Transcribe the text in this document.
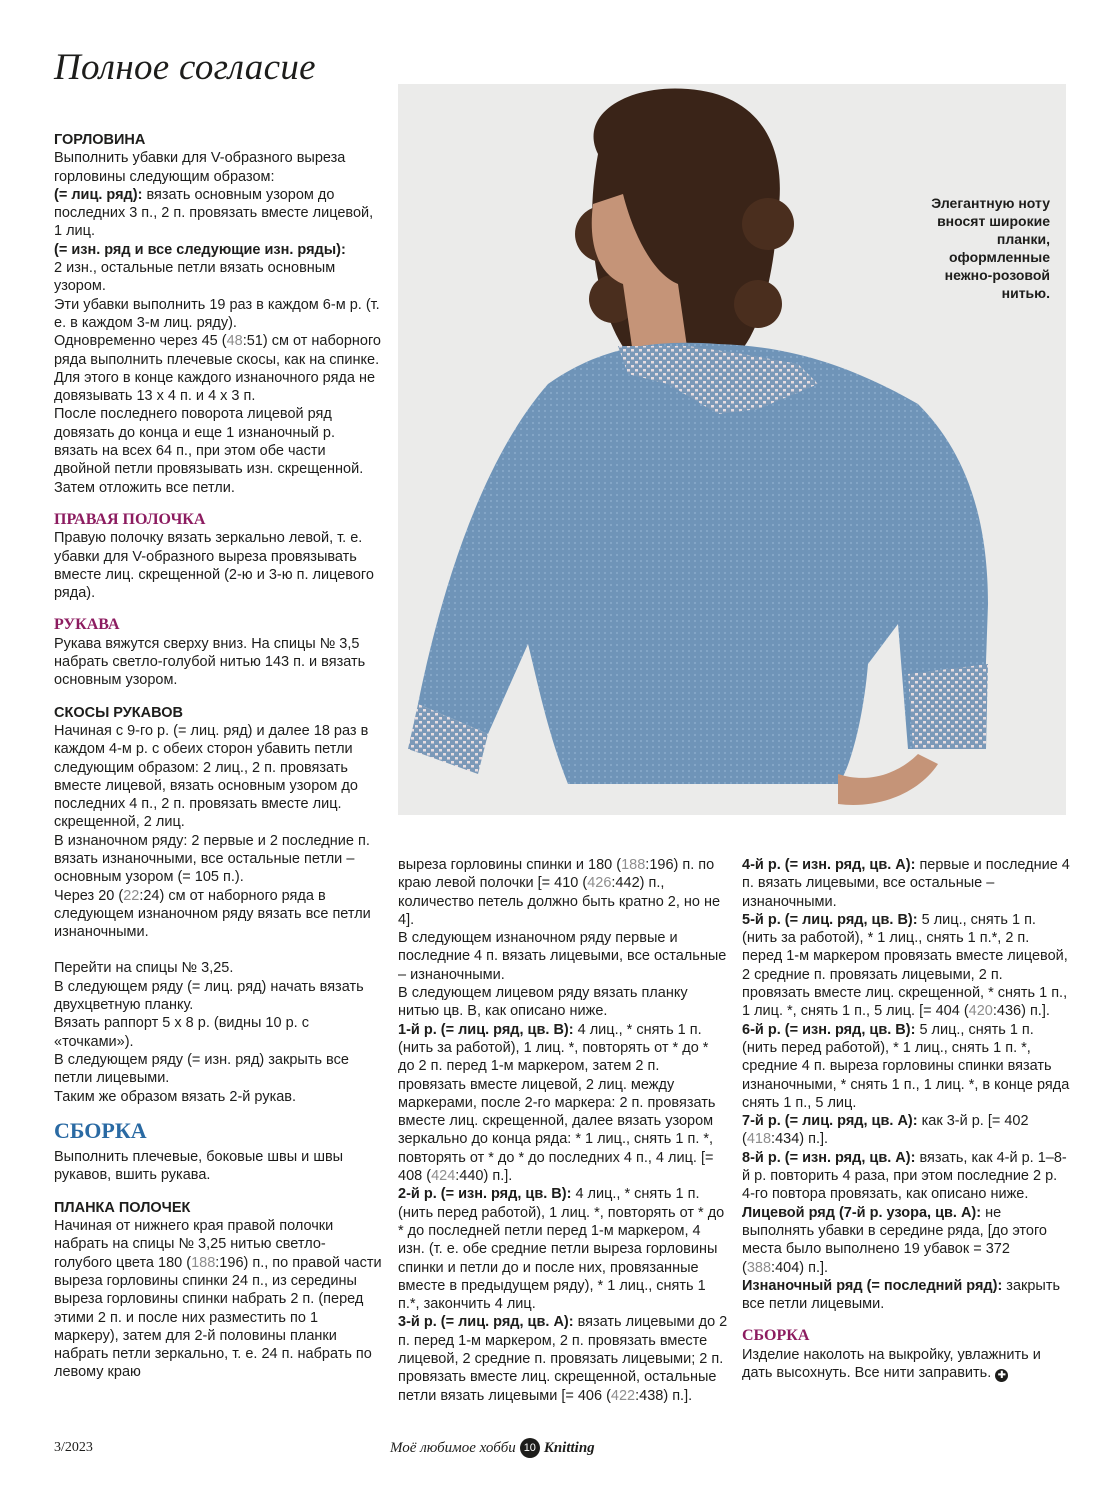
Полное согласие

ГОРЛОВИНА

Выполнить убавки для V-образного выреза горловины следующим образом:

(= лиц. ряд): вязать основным узором до последних 3 п., 2 п. провязать вместе лицевой, 1 лиц.

(= изн. ряд и все следующие изн. ряды):

2 изн., остальные петли вязать основным узором.

Эти убавки выполнить 19 раз в каждом 6-м р. (т. е. в каждом 3-м лиц. ряду).

Одновременно через 45 (48:51) см от наборного ряда выполнить плечевые скосы, как на спинке. Для этого в конце каждого изнаночного ряда не довязывать 13 х 4 п. и 4 х 3 п.

После последнего поворота лицевой ряд довязать до конца и еще 1 изнаночный р. вязать на всех 64 п., при этом обе части двойной петли провязывать изн. скрещенной. Затем отложить все петли.

ПРАВАЯ ПОЛОЧКА

Правую полочку вязать зеркально левой, т. е. убавки для V-образного выреза провязывать вместе лиц. скрещенной (2-ю и 3-ю п. лицевого ряда).

РУКАВА

Рукава вяжутся сверху вниз. На спицы № 3,5 набрать светло-голубой нитью 143 п. и вязать основным узором.

СКОСЫ РУКАВОВ

Начиная с 9-го р. (= лиц. ряд) и далее 18 раз в каждом 4-м р. с обеих сторон убавить петли следующим образом: 2 лиц., 2 п. провязать вместе лицевой, вязать основным узором до последних 4 п., 2 п. провязать вместе лиц. скрещенной, 2 лиц.

В изнаночном ряду: 2 первые и 2 последние п. вязать изнаночными, все остальные петли – основным узором (= 105 п.).

Через 20 (22:24) см от наборного ряда в следующем изнаночном ряду вязать все петли изнаночными.

Перейти на спицы № 3,25.

В следующем ряду (= лиц. ряд) начать вязать двухцветную планку.

Вязать раппорт 5 х 8 р. (видны 10 р. с «точками»).

В следующем ряду (= изн. ряд) закрыть все петли лицевыми.

Таким же образом вязать 2-й рукав.

СБОРКА

Выполнить плечевые, боковые швы и швы рукавов, вшить рукава.

ПЛАНКА ПОЛОЧЕК

Начиная от нижнего края правой полочки набрать на спицы № 3,25 нитью светло-голубого цвета 180 (188:196) п., по правой части выреза горловины спинки 24 п., из середины выреза горловины спинки набрать 2 п. (перед этими 2 п. и после них разместить по 1 маркеру), затем для 2-й половины планки набрать петли зеркально, т. е. 24 п. набрать по левому краю

Элегантную ноту вносят широкие планки, оформленные нежно-розовой нитью.

выреза горловины спинки и 180 (188:196) п. по краю левой полочки [= 410 (426:442) п., количество петель должно быть кратно 2, но не 4].

В следующем изнаночном ряду первые и последние 4 п. вязать лицевыми, все остальные – изнаночными.

В следующем лицевом ряду вязать планку нитью цв. B, как описано ниже.

1-й р. (= лиц. ряд, цв. B): 4 лиц., * снять 1 п. (нить за работой), 1 лиц. *, повторять от * до * до 2 п. перед 1-м маркером, затем 2 п. провязать вместе лицевой, 2 лиц. между маркерами, после 2-го маркера: 2 п. провязать вместе лиц. скрещенной, далее вязать узором зеркально до конца ряда: * 1 лиц., снять 1 п. *, повторять от * до * до последних 4 п., 4 лиц. [= 408 (424:440) п.].

2-й р. (= изн. ряд, цв. B): 4 лиц., * снять 1 п. (нить перед работой), 1 лиц. *, повторять от * до * до последней петли перед 1-м маркером, 4 изн. (т. е. обе средние петли выреза горловины спинки и петли до и после них, провязанные вместе в предыдущем ряду), * 1 лиц., снять 1 п.*, закончить 4 лиц.

3-й р. (= лиц. ряд, цв. A): вязать лицевыми до 2 п. перед 1-м маркером, 2 п. провязать вместе лицевой, 2 средние п. провязать лицевыми; 2 п. провязать вместе лиц. скрещенной, остальные петли вязать лицевыми [= 406 (422:438) п.].

4-й р. (= изн. ряд, цв. A): первые и последние 4 п. вязать лицевыми, все остальные – изнаночными.

5-й р. (= лиц. ряд, цв. B): 5 лиц., снять 1 п. (нить за работой), * 1 лиц., снять 1 п.*, 2 п. перед 1-м маркером провязать вместе лицевой, 2 средние п. провязать лицевыми, 2 п. провязать вместе лиц. скрещенной, * снять 1 п., 1 лиц. *, снять 1 п., 5 лиц. [= 404 (420:436) п.].

6-й р. (= изн. ряд, цв. B): 5 лиц., снять 1 п. (нить перед работой), * 1 лиц., снять 1 п. *, средние 4 п. выреза горловины спинки вязать изнаночными, * снять 1 п., 1 лиц. *, в конце ряда снять 1 п., 5 лиц.

7-й р. (= лиц. ряд, цв. A): как 3-й р. [= 402 (418:434) п.].

8-й р. (= изн. ряд, цв. A): вязать, как 4-й р. 1–8-й р. повторить 4 раза, при этом последние 2 р. 4-го повтора провязать, как описано ниже.

Лицевой ряд (7-й р. узора, цв. A): не выполнять убавки в середине ряда, [до этого места было выполнено 19 убавок = 372 (388:404) п.].

Изнаночный ряд (= последний ряд): закрыть все петли лицевыми.

СБОРКА

Изделие наколоть на выкройку, увлажнить и дать высохнуть. Все нити заправить. ✚

3/2023	Моё любимое хобби 10 Knitting
